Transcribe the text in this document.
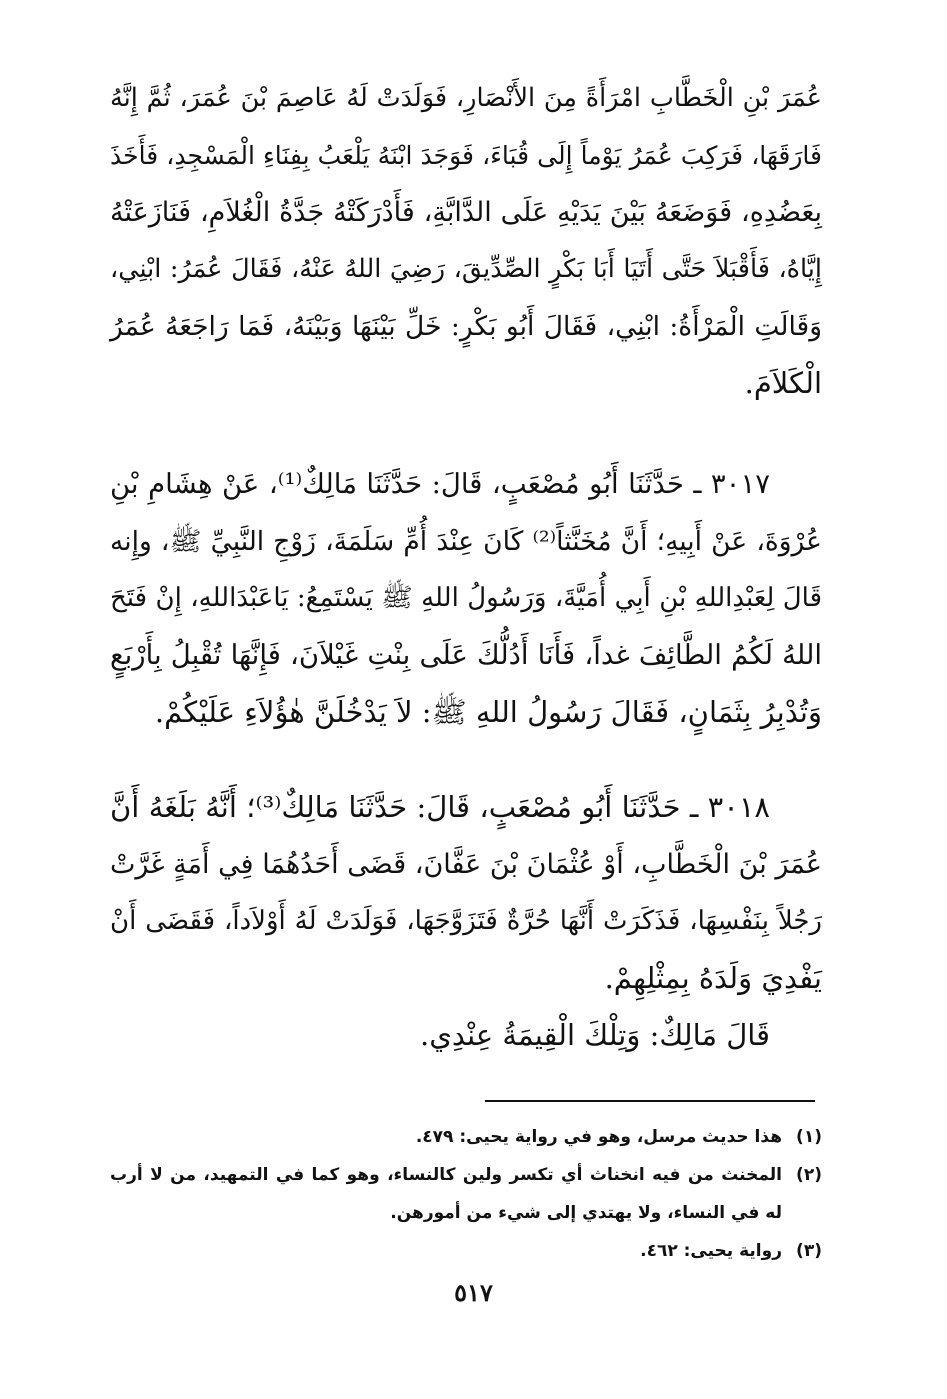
عُمَرَ بْنِ الْخَطَّابِ امْرَأَةً مِنَ الأَنْصَارِ، فَوَلَدَتْ لَهُ عَاصِمَ بْنَ عُمَرَ، ثُمَّ إِنَّهُ
فَارَقَهَا، فَرَكِبَ عُمَرُ يَوْماً إِلَى قُبَاءَ، فَوَجَدَ ابْنَهُ يَلْعَبُ بِفِنَاءِ الْمَسْجِدِ، فَأَخَذَ
بِعَضُدِهِ، فَوَضَعَهُ بَيْنَ يَدَيْهِ عَلَى الدَّابَّةِ، فَأَدْرَكَتْهُ جَدَّةُ الْغُلاَمِ، فَنَازَعَتْهُ
إِيَّاهُ، فَأَقْبَلاَ حَتَّى أَتَيَا أَبَا بَكْرٍ الصِّدِّيقَ، رَضِيَ اللهُ عَنْهُ، فَقَالَ عُمَرُ: ابْنِي،
وَقَالَتِ الْمَرْأَةُ: ابْنِي، فَقَالَ أَبُو بَكْرٍ: خَلِّ بَيْنَهَا وَبَيْنَهُ، فَمَا رَاجَعَهُ عُمَرُ
الْكَلاَمَ.
٣٠١٧ ـ حَدَّثَنَا أَبُو مُصْعَبٍ، قَالَ: حَدَّثَنَا مَالِكٌ⁽¹⁾، عَنْ هِشَامِ بْنِ
عُرْوَةَ، عَنْ أَبِيهِ؛ أَنَّ مُخَنَّثاً⁽²⁾ كَانَ عِنْدَ أُمِّ سَلَمَةَ، زَوْجِ النَّبِيِّ ﷺ، وإِنه
قَالَ لِعَبْدِاللهِ بْنِ أَبِي أُمَيَّةَ، وَرَسُولُ اللهِ ﷺ يَسْتَمِعُ: يَاعَبْدَاللهِ، إِنْ فَتَحَ
اللهُ لَكُمُ الطَّائِفَ غداً، فَأَنَا أَدُلُّكَ عَلَى بِنْتِ غَيْلاَنَ، فَإِنَّهَا تُقْبِلُ بِأَرْبَعٍ
وَتُدْبِرُ بِثَمَانٍ، فَقَالَ رَسُولُ اللهِ ﷺ: لاَ يَدْخُلَنَّ هٰؤُلاَءِ عَلَيْكُمْ.
٣٠١٨ ـ حَدَّثَنَا أَبُو مُصْعَبٍ، قَالَ: حَدَّثَنَا مَالِكٌ⁽³⁾؛ أَنَّهُ بَلَغَهُ أَنَّ
عُمَرَ بْنَ الْخَطَّابِ، أَوْ عُثْمَانَ بْنَ عَفَّانَ، قَضَى أَحَدُهُمَا فِي أَمَةٍ غَرَّتْ
رَجُلاً بِنَفْسِهَا، فَذَكَرَتْ أَنَّهَا حُرَّةٌ فَتَزَوَّجَهَا، فَوَلَدَتْ لَهُ أَوْلاَداً، فَقَضَى أَنْ
يَفْدِيَ وَلَدَهُ بِمِثْلِهِمْ.
قَالَ مَالِكٌ: وَتِلْكَ الْقِيمَةُ عِنْدِي.
(١)
هذا حديث مرسل، وهو في رواية يحيى: ٤٧٩.
(٢)
المخنث من فيه انخناث أي تكسر ولين كالنساء، وهو كما في التمهيد، من لا أرب
له في النساء، ولا يهتدي إلى شيء من أمورهن.
(٣)
رواية يحيى: ٤٦٢.
٥١٧
